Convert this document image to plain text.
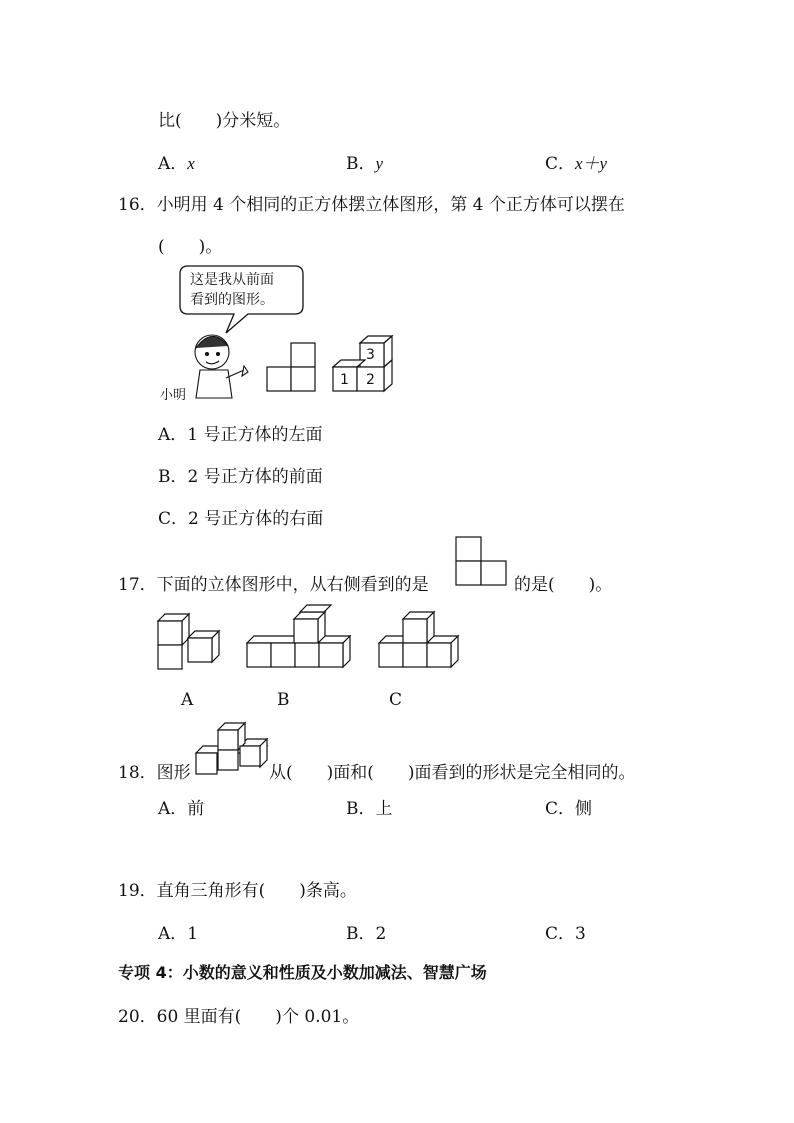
比(　　)分米短。
A．x	B．y	C．x＋y
16．小明用 4 个相同的正方体摆立体图形，第 4 个正方体可以摆在
(　　)。
这是我从前面
看到的图形。
小明
3
1 2
A．1 号正方体的左面
B．2 号正方体的前面
C．2 号正方体的右面
17．下面的立体图形中，从右侧看到的是	的是(　　)。
A	B	C
18．图形	从(　　)面和(　　)面看到的形状是完全相同的。
A．前	B．上	C．侧
19．直角三角形有(　　)条高。
A．1	B．2	C．3
专项 4：小数的意义和性质及小数加减法、智慧广场
20．60 里面有(　　)个 0.01。
